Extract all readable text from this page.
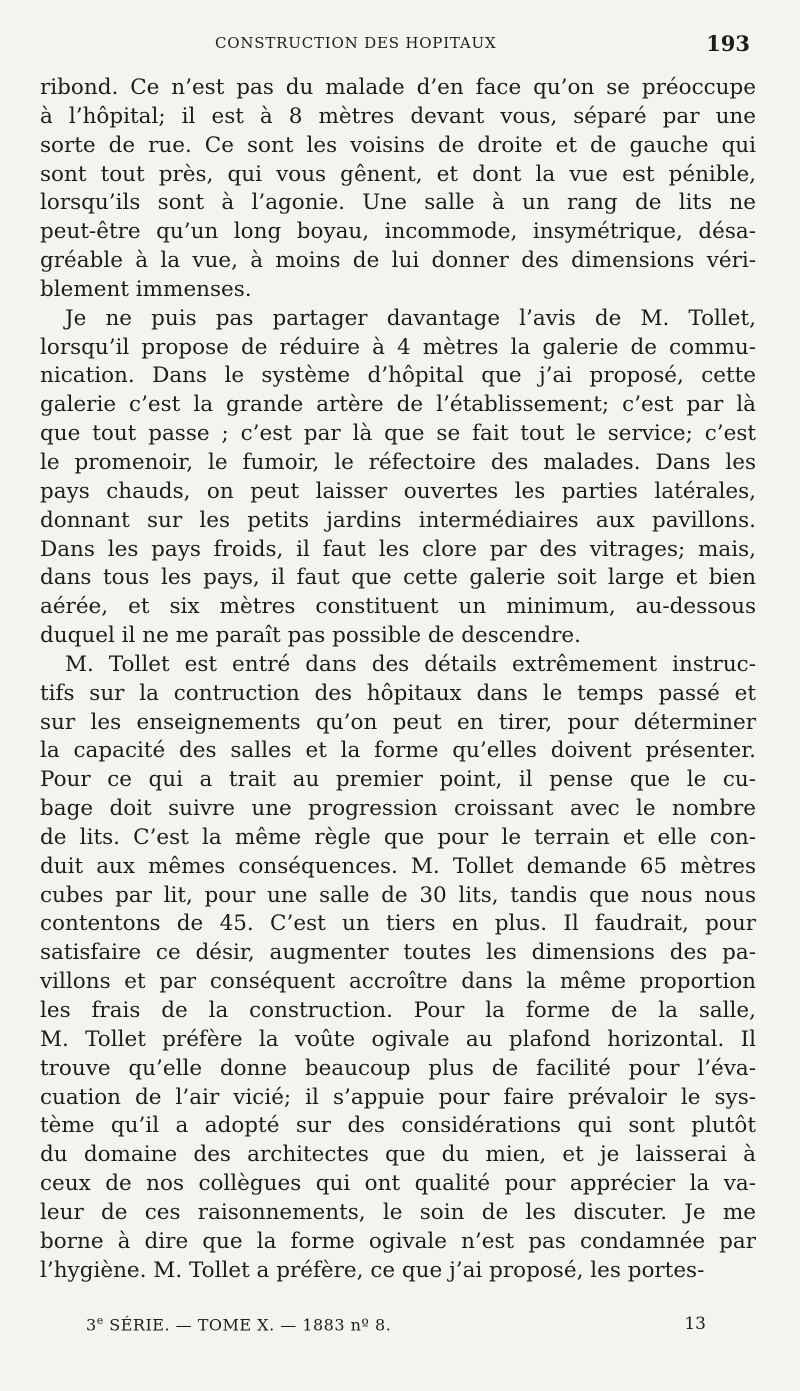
CONSTRUCTION DES HOPITAUX	193
ribond. Ce n’est pas du malade d’en face qu’on se préoccupe
à l’hôpital; il est à 8 mètres devant vous, séparé par une
sorte de rue. Ce sont les voisins de droite et de gauche qui
sont tout près, qui vous gênent, et dont la vue est pénible,
lorsqu’ils sont à l’agonie. Une salle à un rang de lits ne
peut-être qu’un long boyau, incommode, insymétrique, désa-
gréable à la vue, à moins de lui donner des dimensions véri-
blement immenses.
Je ne puis pas partager davantage l’avis de M. Tollet,
lorsqu’il propose de réduire à 4 mètres la galerie de commu-
nication. Dans le système d’hôpital que j’ai proposé, cette
galerie c’est la grande artère de l’établissement; c’est par là
que tout passe ; c’est par là que se fait tout le service; c’est
le promenoir, le fumoir, le réfectoire des malades. Dans les
pays chauds, on peut laisser ouvertes les parties latérales,
donnant sur les petits jardins intermédiaires aux pavillons.
Dans les pays froids, il faut les clore par des vitrages; mais,
dans tous les pays, il faut que cette galerie soit large et bien
aérée, et six mètres constituent un minimum, au-dessous
duquel il ne me paraît pas possible de descendre.
M. Tollet est entré dans des détails extrêmement instruc-
tifs sur la contruction des hôpitaux dans le temps passé et
sur les enseignements qu’on peut en tirer, pour déterminer
la capacité des salles et la forme qu’elles doivent présenter.
Pour ce qui a trait au premier point, il pense que le cu-
bage doit suivre une progression croissant avec le nombre
de lits. C’est la même règle que pour le terrain et elle con-
duit aux mêmes conséquences. M. Tollet demande 65 mètres
cubes par lit, pour une salle de 30 lits, tandis que nous nous
contentons de 45. C’est un tiers en plus. Il faudrait, pour
satisfaire ce désir, augmenter toutes les dimensions des pa-
villons et par conséquent accroître dans la même proportion
les frais de la construction. Pour la forme de la salle,
M. Tollet préfère la voûte ogivale au plafond horizontal. Il
trouve qu’elle donne beaucoup plus de facilité pour l’éva-
cuation de l’air vicié; il s’appuie pour faire prévaloir le sys-
tème qu’il a adopté sur des considérations qui sont plutôt
du domaine des architectes que du mien, et je laisserai à
ceux de nos collègues qui ont qualité pour apprécier la va-
leur de ces raisonnements, le soin de les discuter. Je me
borne à dire que la forme ogivale n’est pas condamnée par
l’hygiène. M. Tollet a préfère, ce que j’ai proposé, les portes-
3e SÉRIE. — TOME X. — 1883 nº 8.	13
